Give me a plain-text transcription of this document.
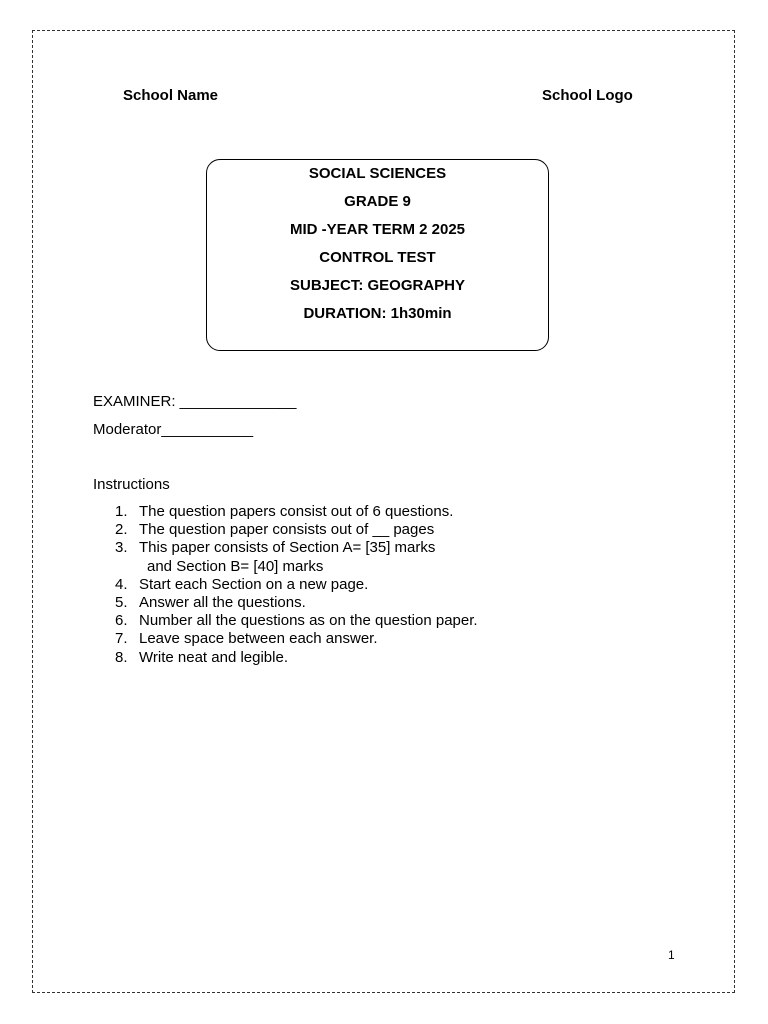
School Name	School Logo
SOCIAL SCIENCES
GRADE 9
MID -YEAR TERM 2 2025
CONTROL TEST
SUBJECT: GEOGRAPHY
DURATION: 1h30min
EXAMINER: ______________
Moderator___________
Instructions
1. The question papers consist out of 6 questions.
2. The question paper consists out of __ pages
3. This paper consists of Section A= [35] marks
and Section B= [40] marks
4. Start each Section on a new page.
5. Answer all the questions.
6. Number all the questions as on the question paper.
7. Leave space between each answer.
8. Write neat and legible.
1
